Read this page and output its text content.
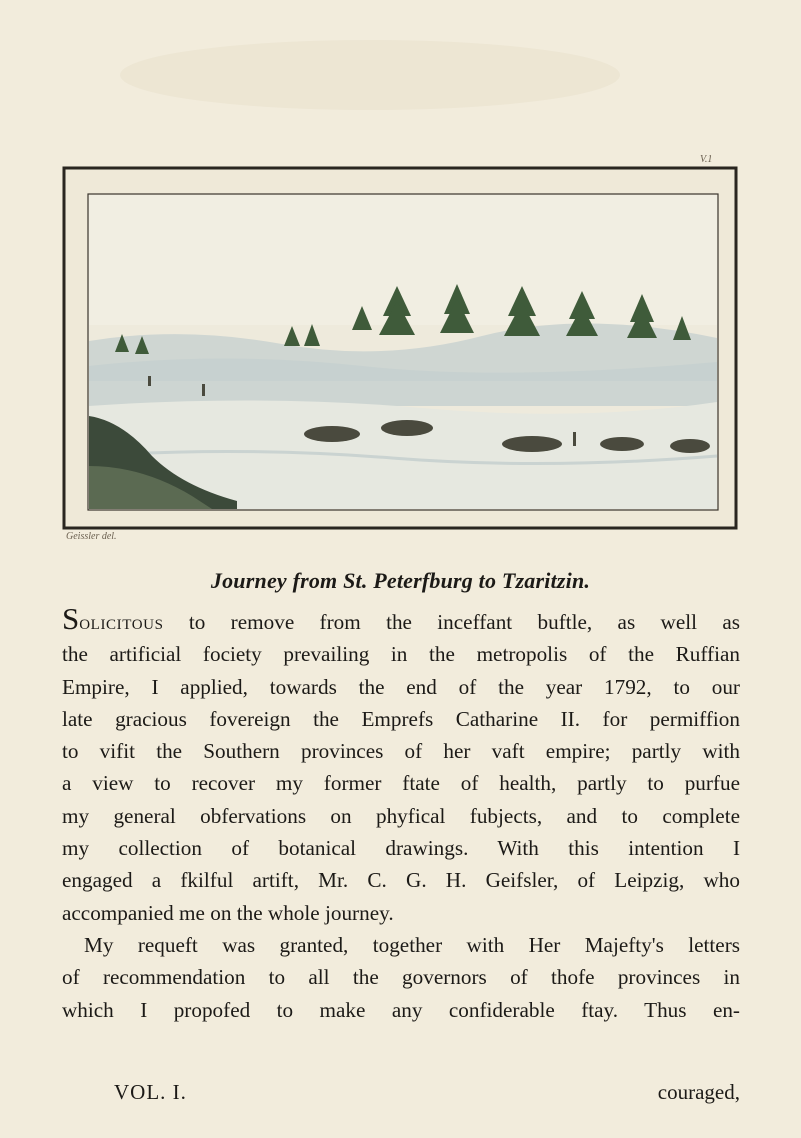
V.1
Geissler del.
Journey from St. Peterfburg to Tzaritzin.
Solicitous to remove from the inceffant buftle, as well as
the artificial fociety prevailing in the metropolis of the Ruffian
Empire, I applied, towards the end of the year 1792, to our
late gracious fovereign the Emprefs Catharine II. for permiffion
to vifit the Southern provinces of her vaft empire; partly with
a view to recover my former ftate of health, partly to purfue
my general obfervations on phyfical fubjects, and to complete
my collection of botanical drawings. With this intention I
engaged a fkilful artift, Mr. C. G. H. Geifsler, of Leipzig, who
accompanied me on the whole journey.
My requeft was granted, together with Her Majefty's letters
of recommendation to all the governors of thofe provinces in
which I propofed to make any confiderable ftay. Thus en-
VOL. I.	couraged,
